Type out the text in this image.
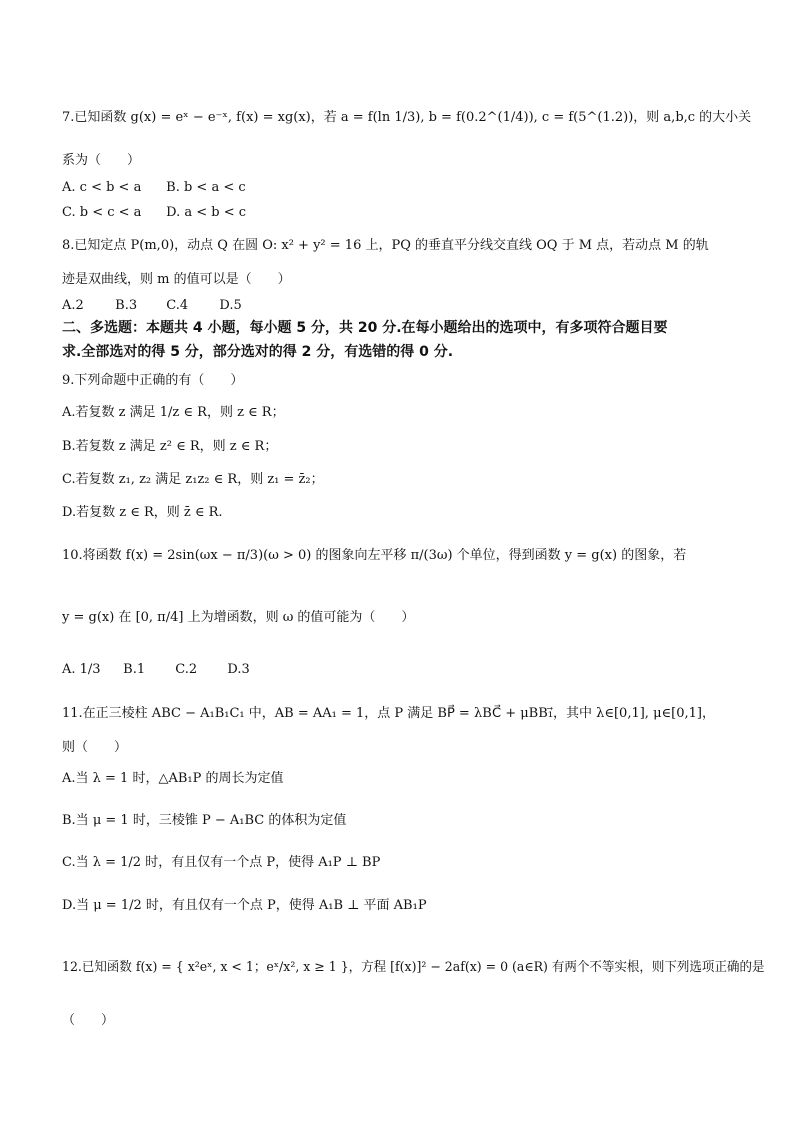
7.已知函数 g(x) = eˣ − e⁻ˣ, f(x) = xg(x)，若 a = f(ln 1/3), b = f(0.2^(1/4)), c = f(5^(1.2))，则 a,b,c 的大小关
系为（　　）
A. c < b < a B. b < a < c
C. b < c < a D. a < b < c
8.已知定点 P(m,0)，动点 Q 在圆 O: x² + y² = 16 上，PQ 的垂直平分线交直线 OQ 于 M 点，若动点 M 的轨
迹是双曲线，则 m 的值可以是（　　）
A.2 B.3 C.4 D.5
二、多选题：本题共 4 小题，每小题 5 分，共 20 分.在每小题给出的选项中，有多项符合题目要
求.全部选对的得 5 分，部分选对的得 2 分，有选错的得 0 分.
9.下列命题中正确的有（　　）
A.若复数 z 满足 1/z ∈ R，则 z ∈ R；
B.若复数 z 满足 z² ∈ R，则 z ∈ R；
C.若复数 z₁, z₂ 满足 z₁z₂ ∈ R，则 z₁ = z̄₂；
D.若复数 z ∈ R，则 z̄ ∈ R.
10.将函数 f(x) = 2sin(ωx − π/3)(ω > 0) 的图象向左平移 π/(3ω) 个单位，得到函数 y = g(x) 的图象，若
y = g(x) 在 [0, π/4] 上为增函数，则 ω 的值可能为（　　）
A. 1/3 B.1 C.2 D.3
11.在正三棱柱 ABC − A₁B₁C₁ 中，AB = AA₁ = 1，点 P 满足 BP⃗ = λBC⃗ + μBB₁⃗，其中 λ∈[0,1], μ∈[0,1]，
则（　　）
A.当 λ = 1 时，△AB₁P 的周长为定值
B.当 μ = 1 时，三棱锥 P − A₁BC 的体积为定值
C.当 λ = 1/2 时，有且仅有一个点 P，使得 A₁P ⊥ BP
D.当 μ = 1/2 时，有且仅有一个点 P，使得 A₁B ⊥ 平面 AB₁P
12.已知函数 f(x) = { x²eˣ, x < 1；eˣ/x², x ≥ 1 }，方程 [f(x)]² − 2af(x) = 0 (a∈R) 有两个不等实根，则下列选项正确的是
（　　）
